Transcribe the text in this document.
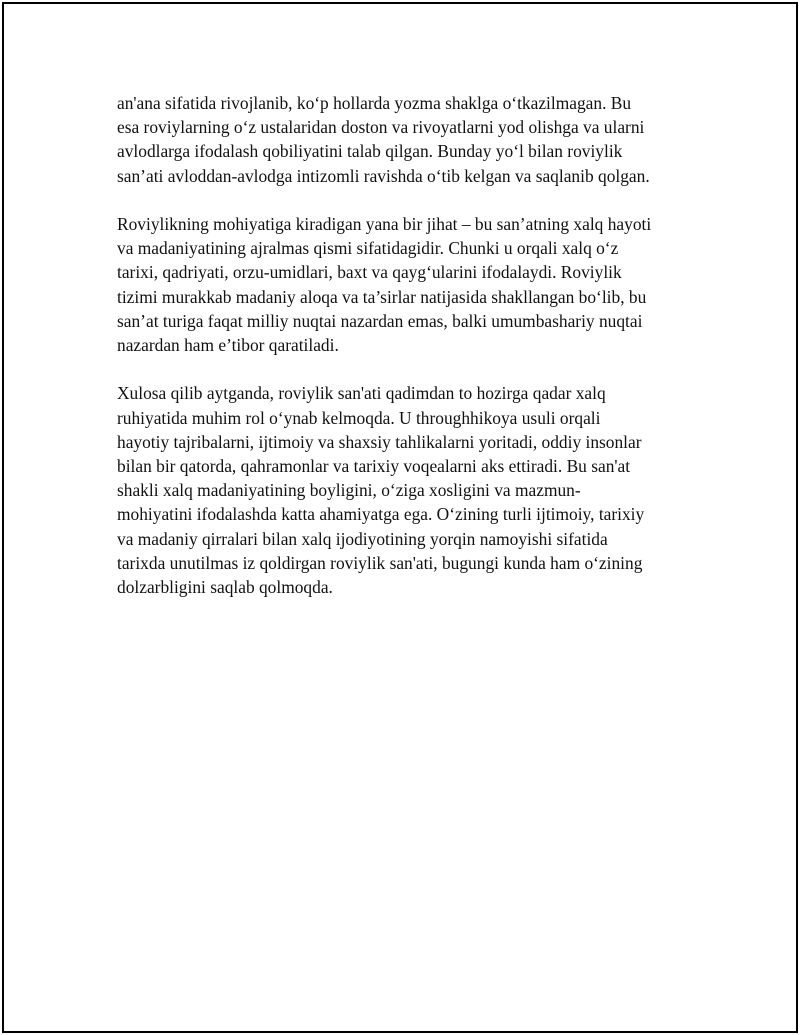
an'ana sifatida rivojlanib, koʻp hollarda yozma shaklga oʻtkazilmagan. Bu
esa roviylarning oʻz ustalaridan doston va rivoyatlarni yod olishga va ularni
avlodlarga ifodalash qobiliyatini talab qilgan. Bunday yoʻl bilan roviylik
san’ati avloddan-avlodga intizomli ravishda oʻtib kelgan va saqlanib qolgan.

Roviylikning mohiyatiga kiradigan yana bir jihat – bu san’atning xalq hayoti
va madaniyatining ajralmas qismi sifatidagidir. Chunki u orqali xalq oʻz
tarixi, qadriyati, orzu-umidlari, baxt va qaygʻularini ifodalaydi. Roviylik
tizimi murakkab madaniy aloqa va ta’sirlar natijasida shakllangan boʻlib, bu
san’at turiga faqat milliy nuqtai nazardan emas, balki umumbashariy nuqtai
nazardan ham e’tibor qaratiladi.

Xulosa qilib aytganda, roviylik san'ati qadimdan to hozirga qadar xalq
ruhiyatida muhim rol oʻynab kelmoqda. U throughhikoya usuli orqali
hayotiy tajribalarni, ijtimoiy va shaxsiy tahlikalarni yoritadi, oddiy insonlar
bilan bir qatorda, qahramonlar va tarixiy voqealarni aks ettiradi. Bu san'at
shakli xalq madaniyatining boyligini, oʻziga xosligini va mazmun-
mohiyatini ifodalashda katta ahamiyatga ega. Oʻzining turli ijtimoiy, tarixiy
va madaniy qirralari bilan xalq ijodiyotining yorqin namoyishi sifatida
tarixda unutilmas iz qoldirgan roviylik san'ati, bugungi kunda ham oʻzining
dolzarbligini saqlab qolmoqda.
